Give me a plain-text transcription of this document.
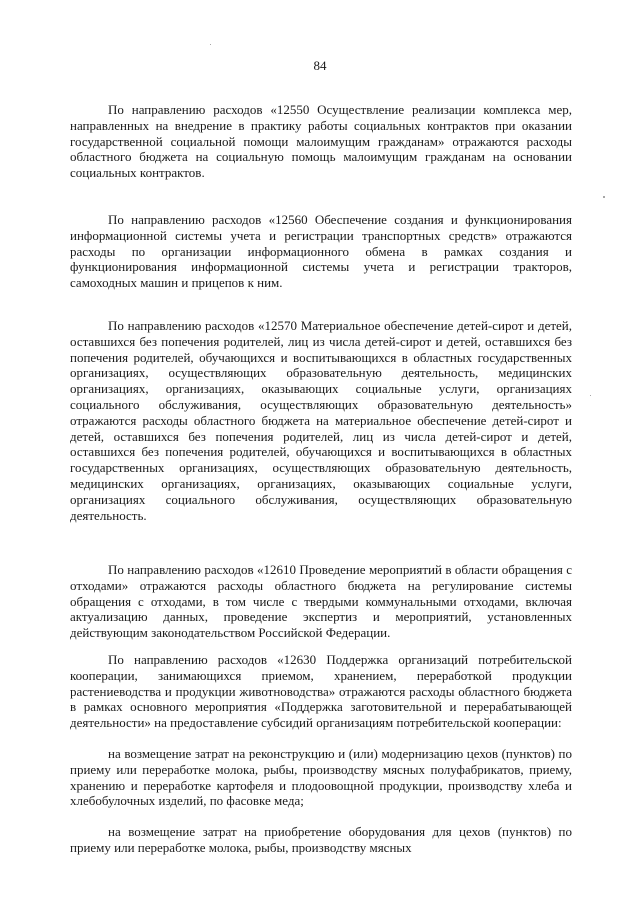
84

По направлению расходов «12550 Осуществление реализации комплекса мер, направленных на внедрение в практику работы социальных контрактов при оказании государственной социальной помощи малоимущим гражданам» отражаются расходы областного бюджета на социальную помощь малоимущим гражданам на основании социальных контрактов.

По направлению расходов «12560 Обеспечение создания и функционирования информационной системы учета и регистрации транспортных средств» отражаются расходы по организации информационного обмена в рамках создания и функционирования информационной системы учета и регистрации тракторов, самоходных машин и прицепов к ним.

По направлению расходов «12570 Материальное обеспечение детей-сирот и детей, оставшихся без попечения родителей, лиц из числа детей-сирот и детей, оставшихся без попечения родителей, обучающихся и воспитывающихся в областных государственных организациях, осуществляющих образовательную деятельность, медицинских организациях, организациях, оказывающих социальные услуги, организациях социального обслуживания, осуществляющих образовательную деятельность» отражаются расходы областного бюджета на материальное обеспечение детей-сирот и детей, оставшихся без попечения родителей, лиц из числа детей-сирот и детей, оставшихся без попечения родителей, обучающихся и воспитывающихся в областных государственных организациях, осуществляющих образовательную деятельность, медицинских организациях, организациях, оказывающих социальные услуги, организациях социального обслуживания, осуществляющих образовательную деятельность.

По направлению расходов «12610 Проведение мероприятий в области обращения с отходами» отражаются расходы областного бюджета на регулирование системы обращения с отходами, в том числе с твердыми коммунальными отходами, включая актуализацию данных, проведение экспертиз и мероприятий, установленных действующим законодательством Российской Федерации.

По направлению расходов «12630 Поддержка организаций потребительской кооперации, занимающихся приемом, хранением, переработкой продукции растениеводства и продукции животноводства» отражаются расходы областного бюджета в рамках основного мероприятия «Поддержка заготовительной и перерабатывающей деятельности» на предоставление субсидий организациям потребительской кооперации:

на возмещение затрат на реконструкцию и (или) модернизацию цехов (пунктов) по приему или переработке молока, рыбы, производству мясных полуфабрикатов, приему, хранению и переработке картофеля и плодоовощной продукции, производству хлеба и хлебобулочных изделий, по фасовке меда;

на возмещение затрат на приобретение оборудования для цехов (пунктов) по приему или переработке молока, рыбы, производству мясных
